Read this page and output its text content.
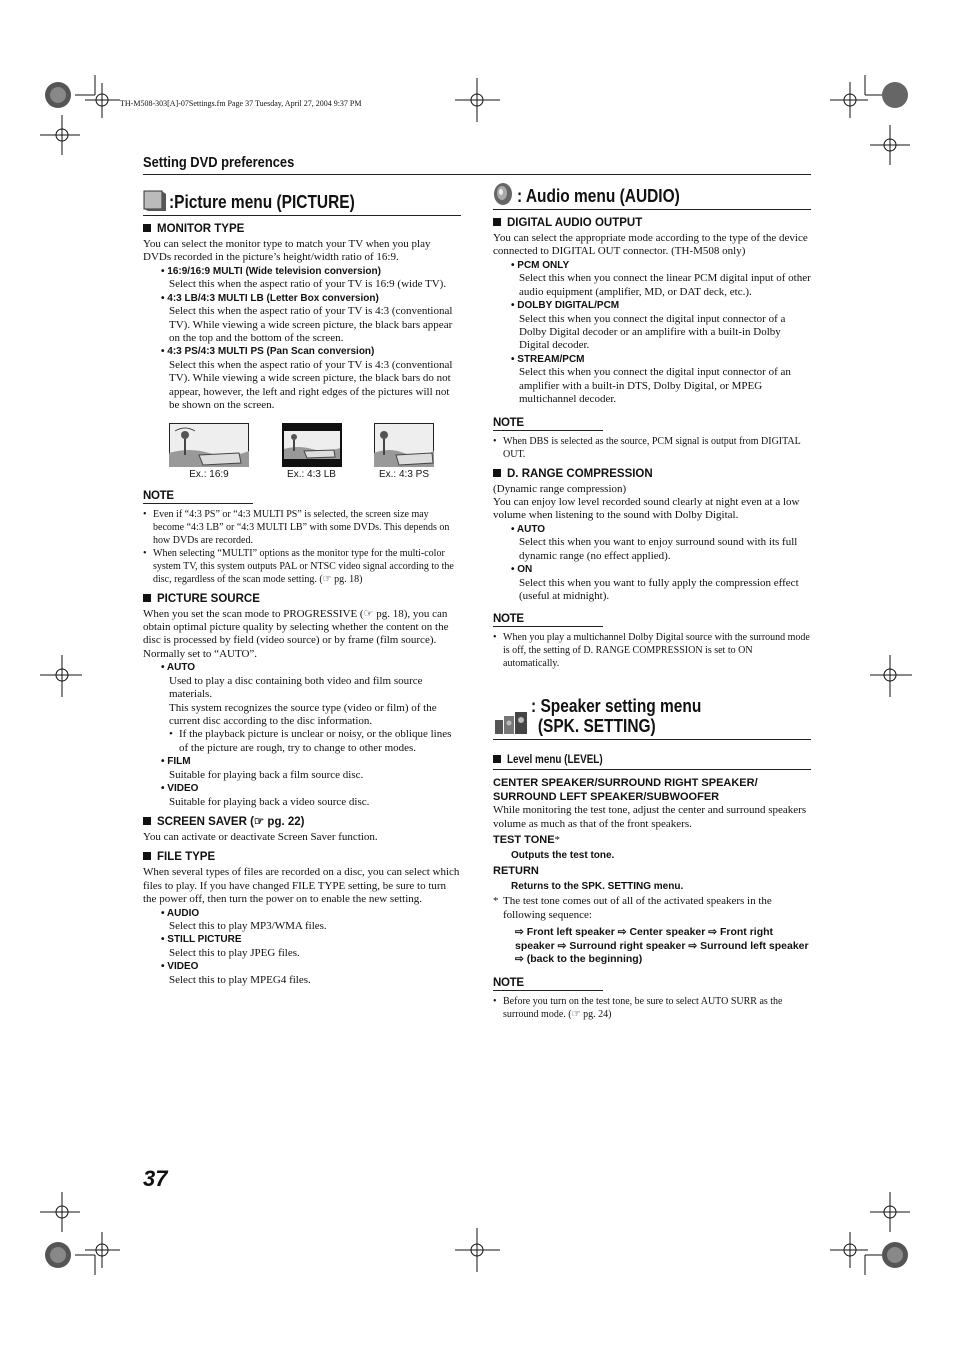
TH-M508-303[A]-07Settings.fm Page 37 Tuesday, April 27, 2004 9:37 PM
Setting DVD preferences
:Picture menu (PICTURE)
MONITOR TYPE

You can select the monitor type to match your TV when you play DVDs recorded in the picture’s height/width ratio of 16:9.

• 16:9/16:9 MULTI (Wide television conversion)

Select this when the aspect ratio of your TV is 16:9 (wide TV).

• 4:3 LB/4:3 MULTI LB (Letter Box conversion)

Select this when the aspect ratio of your TV is 4:3 (conventional TV). While viewing a wide screen picture, the black bars appear on the top and the bottom of the screen.

• 4:3 PS/4:3 MULTI PS (Pan Scan conversion)

Select this when the aspect ratio of your TV is 4:3 (conventional TV). While viewing a wide screen picture, the black bars do not appear, however, the left and right edges of the pictures will not be shown on the screen.

Ex.: 16:9	Ex.: 4:3 LB	Ex.: 4:3 PS
NOTE
• Even if “4:3 PS” or “4:3 MULTI PS” is selected, the screen size may become “4:3 LB” or “4:3 MULTI LB” with some DVDs. This depends on how DVDs are recorded.
• When selecting “MULTI” options as the monitor type for the multi-color system TV, this system outputs PAL or NTSC video signal according to the disc, regardless of the scan mode setting. (☞ pg. 18)
PICTURE SOURCE

When you set the scan mode to PROGRESSIVE (☞ pg. 18), you can obtain optimal picture quality by selecting whether the content on the disc is processed by field (video source) or by frame (film source).

Normally set to “AUTO”.

• AUTO

Used to play a disc containing both video and film source materials.

This system recognizes the source type (video or film) of the current disc according to the disc information.

• If the playback picture is unclear or noisy, or the oblique lines of the picture are rough, try to change to other modes.
• FILM

Suitable for playing back a film source disc.

• VIDEO

Suitable for playing back a video source disc.

SCREEN SAVER (☞ pg. 22)

You can activate or deactivate Screen Saver function.

FILE TYPE

When several types of files are recorded on a disc, you can select which files to play. If you have changed FILE TYPE setting, be sure to turn the power off, then turn the power on to enable the new setting.

• AUDIO

Select this to play MP3/WMA files.

• STILL PICTURE

Select this to play JPEG files.

• VIDEO

Select this to play MPEG4 files.

: Audio menu (AUDIO)
DIGITAL AUDIO OUTPUT

You can select the appropriate mode according to the type of the device connected to DIGITAL OUT connector. (TH-M508 only)

• PCM ONLY

Select this when you connect the linear PCM digital input of other audio equipment (amplifier, MD, or DAT deck, etc.).

• DOLBY DIGITAL/PCM

Select this when you connect the digital input connector of a Dolby Digital decoder or an amplifire with a built-in Dolby Digital decoder.

• STREAM/PCM

Select this when you connect the digital input connector of an amplifier with a built-in DTS, Dolby Digital, or MPEG multichannel decoder.

NOTE
• When DBS is selected as the source, PCM signal is output from DIGITAL OUT.
D. RANGE COMPRESSION

(Dynamic range compression)

You can enjoy low level recorded sound clearly at night even at a low volume when listening to the sound with Dolby Digital.

• AUTO

Select this when you want to enjoy surround sound with its full dynamic range (no effect applied).

• ON

Select this when you want to fully apply the compression effect (useful at midnight).

NOTE
• When you play a multichannel Dolby Digital source with the surround mode is off, the setting of D. RANGE COMPRESSION is set to ON automatically.
: Speaker setting menu
(SPK. SETTING)
Level menu (LEVEL)

CENTER SPEAKER/SURROUND RIGHT SPEAKER/ SURROUND LEFT SPEAKER/SUBWOOFER

While monitoring the test tone, adjust the center and surround speakers volume as much as that of the front speakers.

TEST TONE*

Outputs the test tone.

RETURN

Returns to the SPK. SETTING menu.
* The test tone comes out of all of the activated speakers in the following sequence:
⇨ Front left speaker ⇨ Center speaker ⇨ Front right speaker ⇨ Surround right speaker ⇨ Surround left speaker ⇨ (back to the beginning)
NOTE
• Before you turn on the test tone, be sure to select AUTO SURR as the surround mode. (☞ pg. 24)
37
